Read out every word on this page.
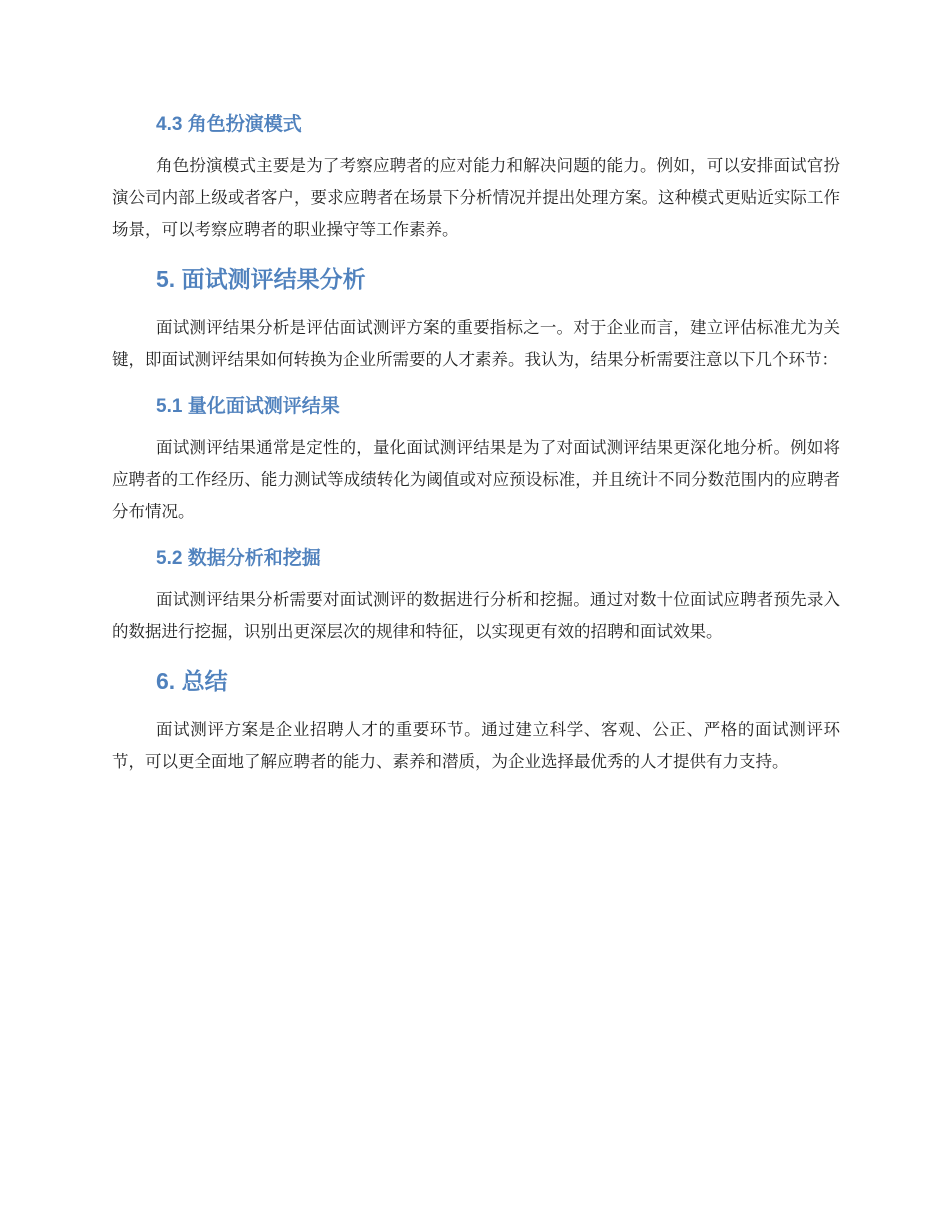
4.3 角色扮演模式

角色扮演模式主要是为了考察应聘者的应对能力和解决问题的能力。例如，可以安排面试官扮演公司内部上级或者客户，要求应聘者在场景下分析情况并提出处理方案。这种模式更贴近实际工作场景，可以考察应聘者的职业操守等工作素养。

5. 面试测评结果分析

面试测评结果分析是评估面试测评方案的重要指标之一。对于企业而言，建立评估标准尤为关键，即面试测评结果如何转换为企业所需要的人才素养。我认为，结果分析需要注意以下几个环节：

5.1 量化面试测评结果

面试测评结果通常是定性的，量化面试测评结果是为了对面试测评结果更深化地分析。例如将应聘者的工作经历、能力测试等成绩转化为阈值或对应预设标准，并且统计不同分数范围内的应聘者分布情况。

5.2 数据分析和挖掘

面试测评结果分析需要对面试测评的数据进行分析和挖掘。通过对数十位面试应聘者预先录入的数据进行挖掘，识别出更深层次的规律和特征，以实现更有效的招聘和面试效果。

6. 总结

面试测评方案是企业招聘人才的重要环节。通过建立科学、客观、公正、严格的面试测评环节，可以更全面地了解应聘者的能力、素养和潜质，为企业选择最优秀的人才提供有力支持。
